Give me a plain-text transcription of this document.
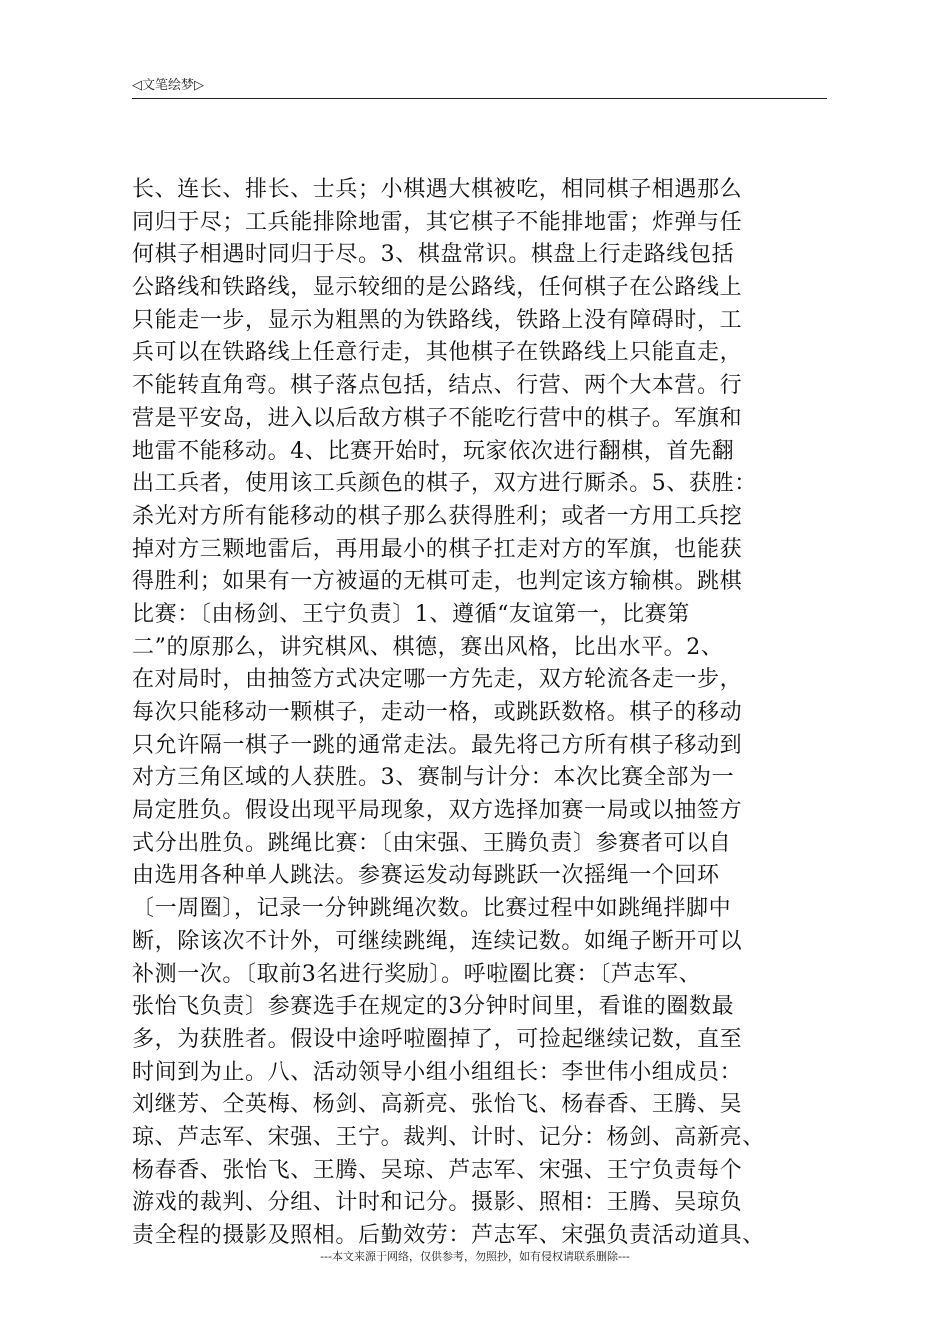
◁文笔绘梦▷
长、连长、排长、士兵；小棋遇大棋被吃，相同棋子相遇那么
同归于尽；工兵能排除地雷，其它棋子不能排地雷；炸弹与任
何棋子相遇时同归于尽。3、棋盘常识。棋盘上行走路线包括
公路线和铁路线，显示较细的是公路线，任何棋子在公路线上
只能走一步，显示为粗黑的为铁路线，铁路上没有障碍时，工
兵可以在铁路线上任意行走，其他棋子在铁路线上只能直走，
不能转直角弯。棋子落点包括，结点、行营、两个大本营。行
营是平安岛，进入以后敌方棋子不能吃行营中的棋子。军旗和
地雷不能移动。4、比赛开始时，玩家依次进行翻棋，首先翻
出工兵者，使用该工兵颜色的棋子，双方进行厮杀。5、获胜：
杀光对方所有能移动的棋子那么获得胜利；或者一方用工兵挖
掉对方三颗地雷后，再用最小的棋子扛走对方的军旗，也能获
得胜利；如果有一方被逼的无棋可走，也判定该方输棋。跳棋
比赛：〔由杨剑、王宁负责〕1、遵循“友谊第一，比赛第
二”的原那么，讲究棋风、棋德，赛出风格，比出水平。2、
在对局时，由抽签方式决定哪一方先走，双方轮流各走一步，
每次只能移动一颗棋子，走动一格，或跳跃数格。棋子的移动
只允许隔一棋子一跳的通常走法。最先将己方所有棋子移动到
对方三角区域的人获胜。3、赛制与计分：本次比赛全部为一
局定胜负。假设出现平局现象，双方选择加赛一局或以抽签方
式分出胜负。跳绳比赛：〔由宋强、王腾负责〕参赛者可以自
由选用各种单人跳法。参赛运发动每跳跃一次摇绳一个回环
〔一周圈〕，记录一分钟跳绳次数。比赛过程中如跳绳拌脚中
断，除该次不计外，可继续跳绳，连续记数。如绳子断开可以
补测一次。〔取前3名进行奖励〕。呼啦圈比赛：〔芦志军、
张怡飞负责〕参赛选手在规定的3分钟时间里，看谁的圈数最
多，为获胜者。假设中途呼啦圈掉了，可捡起继续记数，直至
时间到为止。八、活动领导小组小组组长：李世伟小组成员：
刘继芳、仝英梅、杨剑、高新亮、张怡飞、杨春香、王腾、吴
琼、芦志军、宋强、王宁。裁判、计时、记分：杨剑、高新亮、
杨春香、张怡飞、王腾、吴琼、芦志军、宋强、王宁负责每个
游戏的裁判、分组、计时和记分。摄影、照相：王腾、吴琼负
责全程的摄影及照相。后勤效劳：芦志军、宋强负责活动道具、
---本文来源于网络，仅供参考，勿照抄，如有侵权请联系删除---
